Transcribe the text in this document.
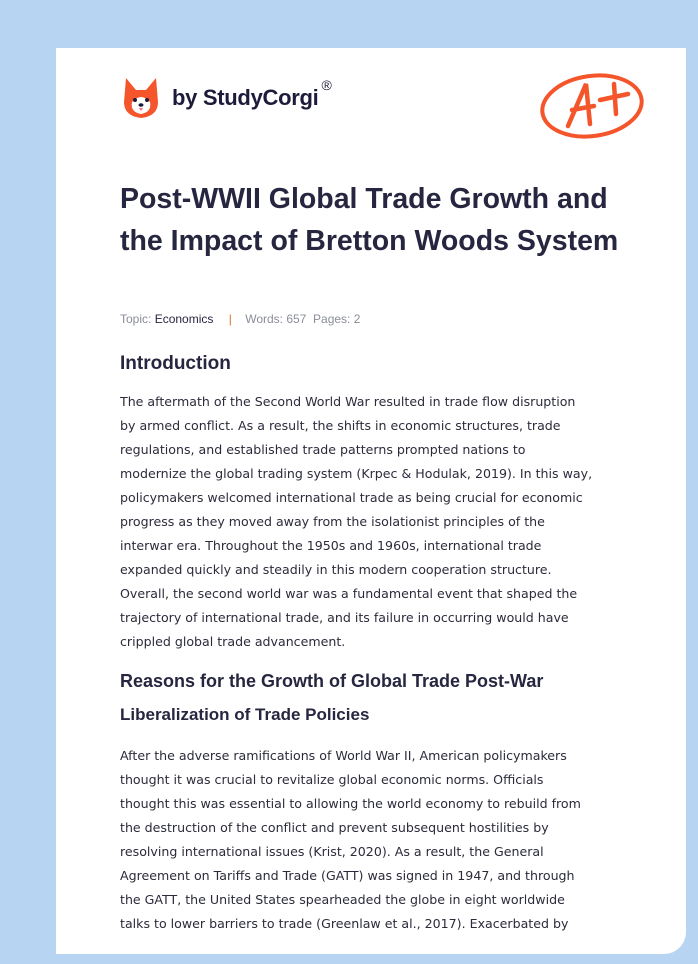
by StudyCorgi ®
Post-WWII Global Trade Growth and the Impact of Bretton Woods System
Topic: Economics | Words: 657 Pages: 2
Introduction

The aftermath of the Second World War resulted in trade flow disruption
by armed conflict. As a result, the shifts in economic structures, trade
regulations, and established trade patterns prompted nations to
modernize the global trading system (Krpec & Hodulak, 2019). In this way,
policymakers welcomed international trade as being crucial for economic
progress as they moved away from the isolationist principles of the
interwar era. Throughout the 1950s and 1960s, international trade
expanded quickly and steadily in this modern cooperation structure.
Overall, the second world war was a fundamental event that shaped the
trajectory of international trade, and its failure in occurring would have
crippled global trade advancement.

Reasons for the Growth of Global Trade Post-War
Liberalization of Trade Policies

After the adverse ramifications of World War II, American policymakers
thought it was crucial to revitalize global economic norms. Officials
thought this was essential to allowing the world economy to rebuild from
the destruction of the conflict and prevent subsequent hostilities by
resolving international issues (Krist, 2020). As a result, the General
Agreement on Tariffs and Trade (GATT) was signed in 1947, and through
the GATT, the United States spearheaded the globe in eight worldwide
talks to lower barriers to trade (Greenlaw et al., 2017). Exacerbated by
